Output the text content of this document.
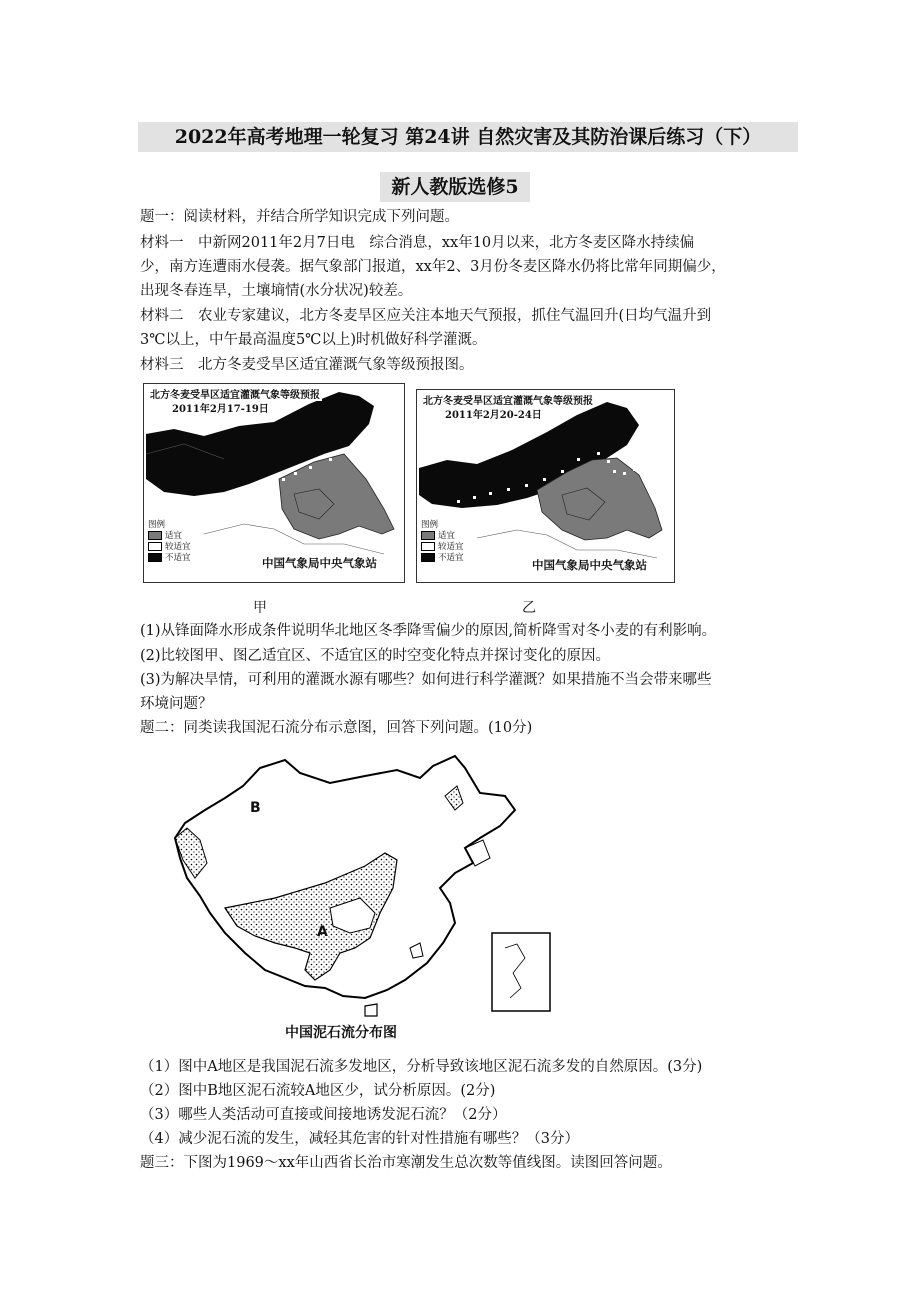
2022年高考地理一轮复习 第24讲 自然灾害及其防治课后练习（下）
新人教版选修5
题一：阅读材料，并结合所学知识完成下列问题。
材料一　中新网2011年2月7日电　综合消息，xx年10月以来，北方冬麦区降水持续偏
少，南方连遭雨水侵袭。据气象部门报道，xx年2、3月份冬麦区降水仍将比常年同期偏少，
出现冬春连旱，土壤墒情(水分状况)较差。
材料二　农业专家建议，北方冬麦旱区应关注本地天气预报，抓住气温回升(日均气温升到
3℃以上，中午最高温度5℃以上)时机做好科学灌溉。
材料三　北方冬麦受旱区适宜灌溉气象等级预报图。
北方冬麦受旱区适宜灌溉气象等级预报
2011年2月17-19日
图例
适宜
较适宜
不适宜	中国气象局中央气象站
北方冬麦受旱区适宜灌溉气象等级预报
2011年2月20-24日
图例
适宜
较适宜
不适宜	中国气象局中央气象站
甲	乙
(1)从锋面降水形成条件说明华北地区冬季降雪偏少的原因,简析降雪对冬小麦的有利影响。
(2)比较图甲、图乙适宜区、不适宜区的时空变化特点并探讨变化的原因。
(3)为解决旱情，可利用的灌溉水源有哪些？如何进行科学灌溉？如果措施不当会带来哪些
环境问题？
题二：同类读我国泥石流分布示意图，回答下列问题。(10分)
B
A
中国泥石流分布图
（1）图中A地区是我国泥石流多发地区，分析导致该地区泥石流多发的自然原因。(3分)
（2）图中B地区泥石流较A地区少，试分析原因。(2分)
（3）哪些人类活动可直接或间接地诱发泥石流？（2分）
（4）减少泥石流的发生，减轻其危害的针对性措施有哪些？（3分）
题三：下图为1969～xx年山西省长治市寒潮发生总次数等值线图。读图回答问题。
